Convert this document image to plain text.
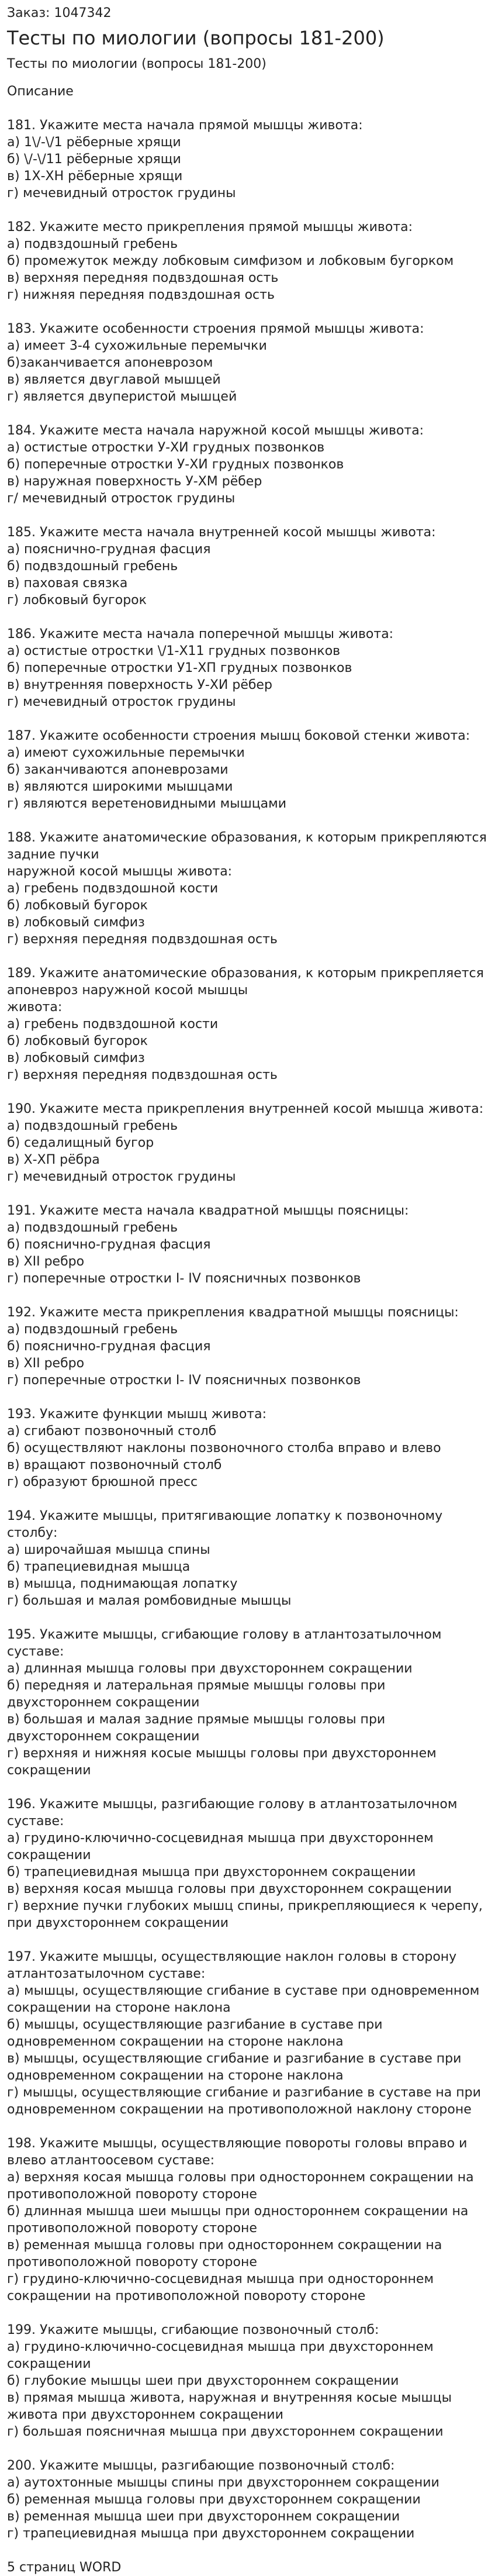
Заказ: 1047342

Тесты по миологии (вопросы 181-200)

Тесты по миологии (вопросы 181-200)

Описание

181. Укажите места начала прямой мышцы живота:

а) 1\/-\/1 рёберные хрящи

б) \/-\/11 рёберные хрящи

в) 1Х-ХН рёберные хрящи

г) мечевидный отросток грудины

182. Укажите место прикрепления прямой мышцы живота:

а) подвздошный гребень

б) промежуток между лобковым симфизом и лобковым бугорком

в) верхняя передняя подвздошная ость

г) нижняя передняя подвздошная ость

183. Укажите особенности строения прямой мышцы живота:

а) имеет 3-4 сухожильные перемычки

б)заканчивается апоневрозом

в) является двуглавой мышцей

г) является двуперистой мышцей

184. Укажите места начала наружной косой мышцы живота:

а) остистые отростки У-ХИ грудных позвонков

б) поперечные отростки У-ХИ грудных позвонков

в) наружная поверхность У-ХМ рёбер

г/ мечевидный отросток грудины

185. Укажите места начала внутренней косой мышцы живота:

а) пояснично-грудная фасция

б) подвздошный гребень

в) паховая связка

г) лобковый бугорок

186. Укажите места начала поперечной мышцы живота:

а) остистые отростки \/1-Х11 грудных позвонков

б) поперечные отростки У1-ХП грудных позвонков

в) внутренняя поверхность У-ХИ рёбер

г) мечевидный отросток грудины

187. Укажите особенности строения мышц боковой стенки живота:

а) имеют сухожильные перемычки

б) заканчиваются апоневрозами

в) являются широкими мышцами

г) являются веретеновидными мышцами

188. Укажите анатомические образования, к которым прикрепляются задние пучки
наружной косой мышцы живота:

а) гребень подвздошной кости

б) лобковый бугорок

в) лобковый симфиз

г) верхняя передняя подвздошная ость

189. Укажите анатомические образования, к которым прикрепляется апоневроз наружной косой мышцы
живота:

а) гребень подвздошной кости

б) лобковый бугорок

в) лобковый симфиз

г) верхняя передняя подвздошная ость

190. Укажите места прикрепления внутренней косой мышца живота:

а) подвздошный гребень

б) седалищный бугор

в) Х-ХП рёбра

г) мечевидный отросток грудины

191. Укажите места начала квадратной мышцы поясницы:

а) подвздошный гребень

б) пояснично-грудная фасция

в) XII ребро

г) поперечные отростки I- IV поясничных позвонков

192. Укажите места прикрепления квадратной мышцы поясницы:

а) подвздошный гребень

б) пояснично-грудная фасция

в) XII ребро

г) поперечные отростки I- IV поясничных позвонков

193. Укажите функции мышц живота:

а) сгибают позвоночный столб

б) осуществляют наклоны позвоночного столба вправо и влево

в) вращают позвоночный столб

г) образуют брюшной пресс

194. Укажите мышцы, притягивающие лопатку к позвоночному столбу:

а) широчайшая мышца спины

б) трапециевидная мышца

в) мышца, поднимающая лопатку

г) большая и малая ромбовидные мышцы

195. Укажите мышцы, сгибающие голову в атлантозатылочном суставе:

а) длинная мышца головы при двухстороннем сокращении

б) передняя и латеральная прямые мышцы головы при двухстороннем сокращении

в) большая и малая задние прямые мышцы головы при двухстороннем сокращении

г) верхняя и нижняя косые мышцы головы при двухстороннем сокращении

196. Укажите мышцы, разгибающие голову в атлантозатылочном суставе:

а) грудино-ключично-сосцевидная мышца при двухстороннем сокращении

б) трапециевидная мышца при двухстороннем сокращении

в) верхняя косая мышца головы при двухстороннем сокращении

г) верхние пучки глубоких мышц спины, прикрепляющиеся к черепу, при двухстороннем сокращении

197. Укажите мышцы, осуществляющие наклон головы в сторону атлантозатылочном суставе:

а) мышцы, осуществляющие сгибание в суставе при одновременном сокращении на стороне наклона

б) мышцы, осуществляющие разгибание в суставе при одновременном сокращении на стороне наклона

в) мышцы, осуществляющие сгибание и разгибание в суставе при одновременном сокращении на стороне наклона

г) мышцы, осуществляющие сгибание и разгибание в суставе на при одновременном сокращении на противоположной наклону стороне

198. Укажите мышцы, осуществляющие повороты головы вправо и влево атлантоосевом суставе:

а) верхняя косая мышца головы при одностороннем сокращении на противоположной повороту стороне

б) длинная мышца шеи мышцы при одностороннем сокращении на противоположной повороту стороне

в) ременная мышца головы при одностороннем сокращении на противоположной повороту стороне

г) грудино-ключично-сосцевидная мышца при одностороннем сокращении на противоположной повороту стороне

199. Укажите мышцы, сгибающие позвоночный столб:

а) грудино-ключично-сосцевидная мышца при двухстороннем сокращении

б) глубокие мышцы шеи при двухстороннем сокращении

в) прямая мышца живота, наружная и внутренняя косые мышцы живота при двухстороннем сокращении

г) большая поясничная мышца при двухстороннем сокращении

200. Укажите мышцы, разгибающие позвоночный столб:

а) аутохтонные мышцы спины при двухстороннем сокращении

б) ременная мышца головы при двухстороннем сокращении

в) ременная мышца шеи при двухстороннем сокращении

г) трапециевидная мышца при двухстороннем сокращении

5 страниц WORD
